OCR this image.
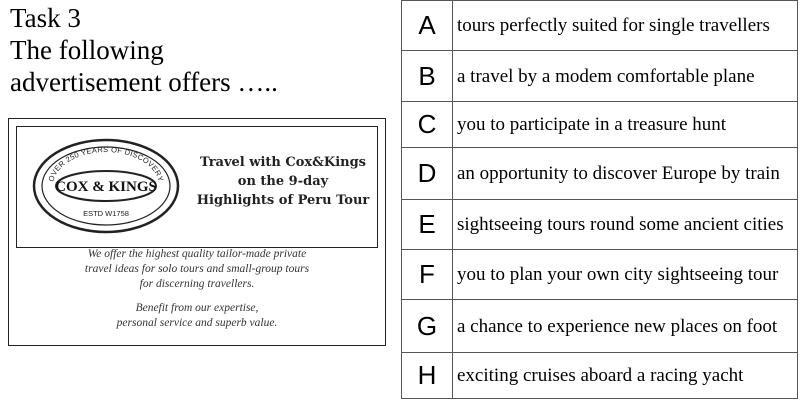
Task 3
The following
advertisement offers …..
OVER 250 YEARS OF DISCOVERY
COX & KINGS
ESTD W1758
Travel with Cox&Kings
on the 9-day
Highlights of Peru Tour
We offer the highest quality tailor-made private
travel ideas for solo tours and small-group tours
for discerning travellers.
Benefit from our expertise,
personal service and superb value.
A	tours perfectly suited for single travellers
B	a travel by a modem comfortable plane
C	you to participate in a treasure hunt
D	an opportunity to discover Europe by train
E	sightseeing tours round some ancient cities
F	you to plan your own city sightseeing tour
G	a chance to experience new places on foot
H	exciting cruises aboard a racing yacht
